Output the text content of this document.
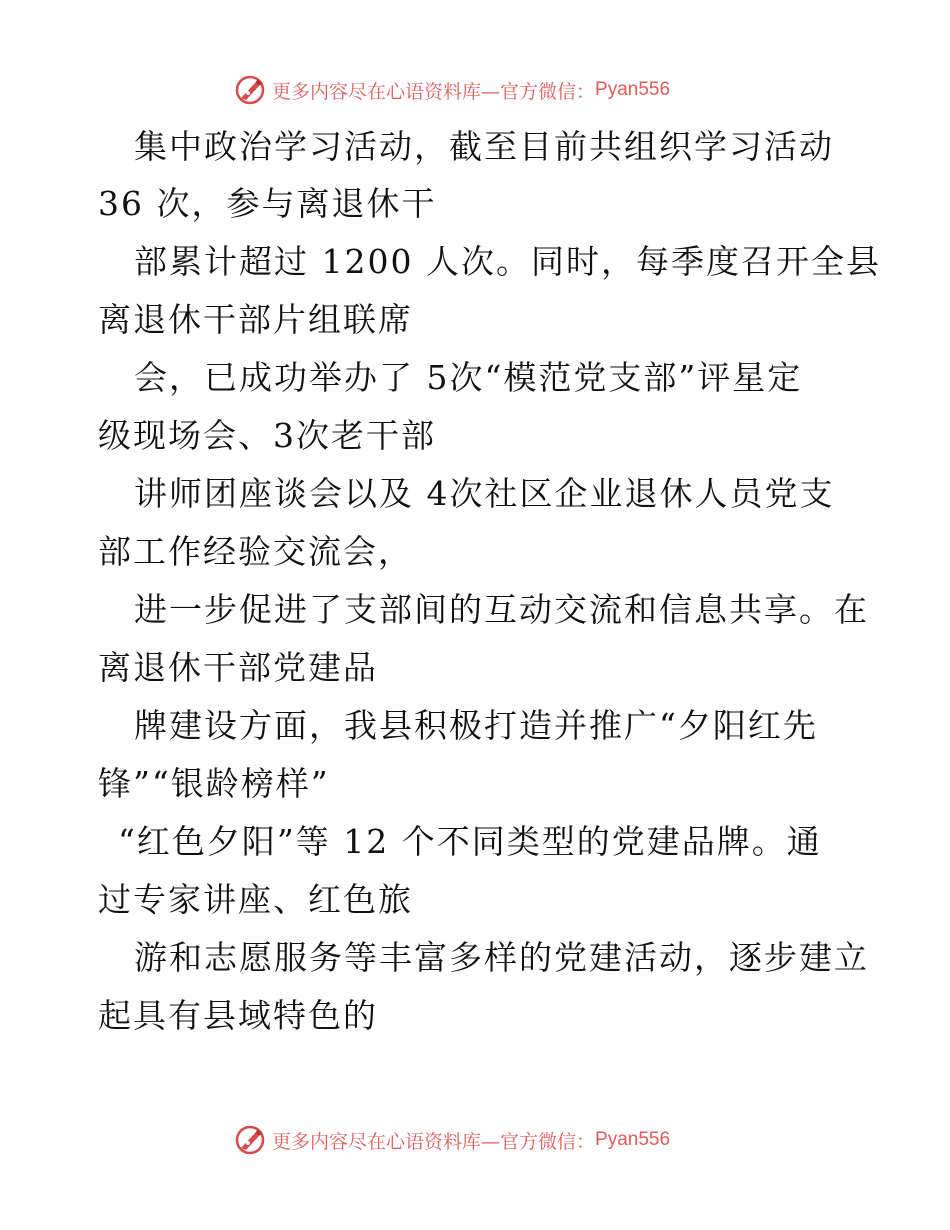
更多内容尽在心语资料库—官方微信： Pyan556
集中政治学习活动，截至目前共组织学习活动
36 次，参与离退休干
部累计超过 1200 人次。同时，每季度召开全县
离退休干部片组联席
会，已成功举办了 5次“模范党支部”评星定
级现场会、3次老干部
讲师团座谈会以及 4次社区企业退休人员党支
部工作经验交流会，
进一步促进了支部间的互动交流和信息共享。在
离退休干部党建品
牌建设方面，我县积极打造并推广“夕阳红先
锋”“银龄榜样”
“红色夕阳”等 12 个不同类型的党建品牌。通
过专家讲座、红色旅
游和志愿服务等丰富多样的党建活动，逐步建立
起具有县域特色的
更多内容尽在心语资料库—官方微信： Pyan556
